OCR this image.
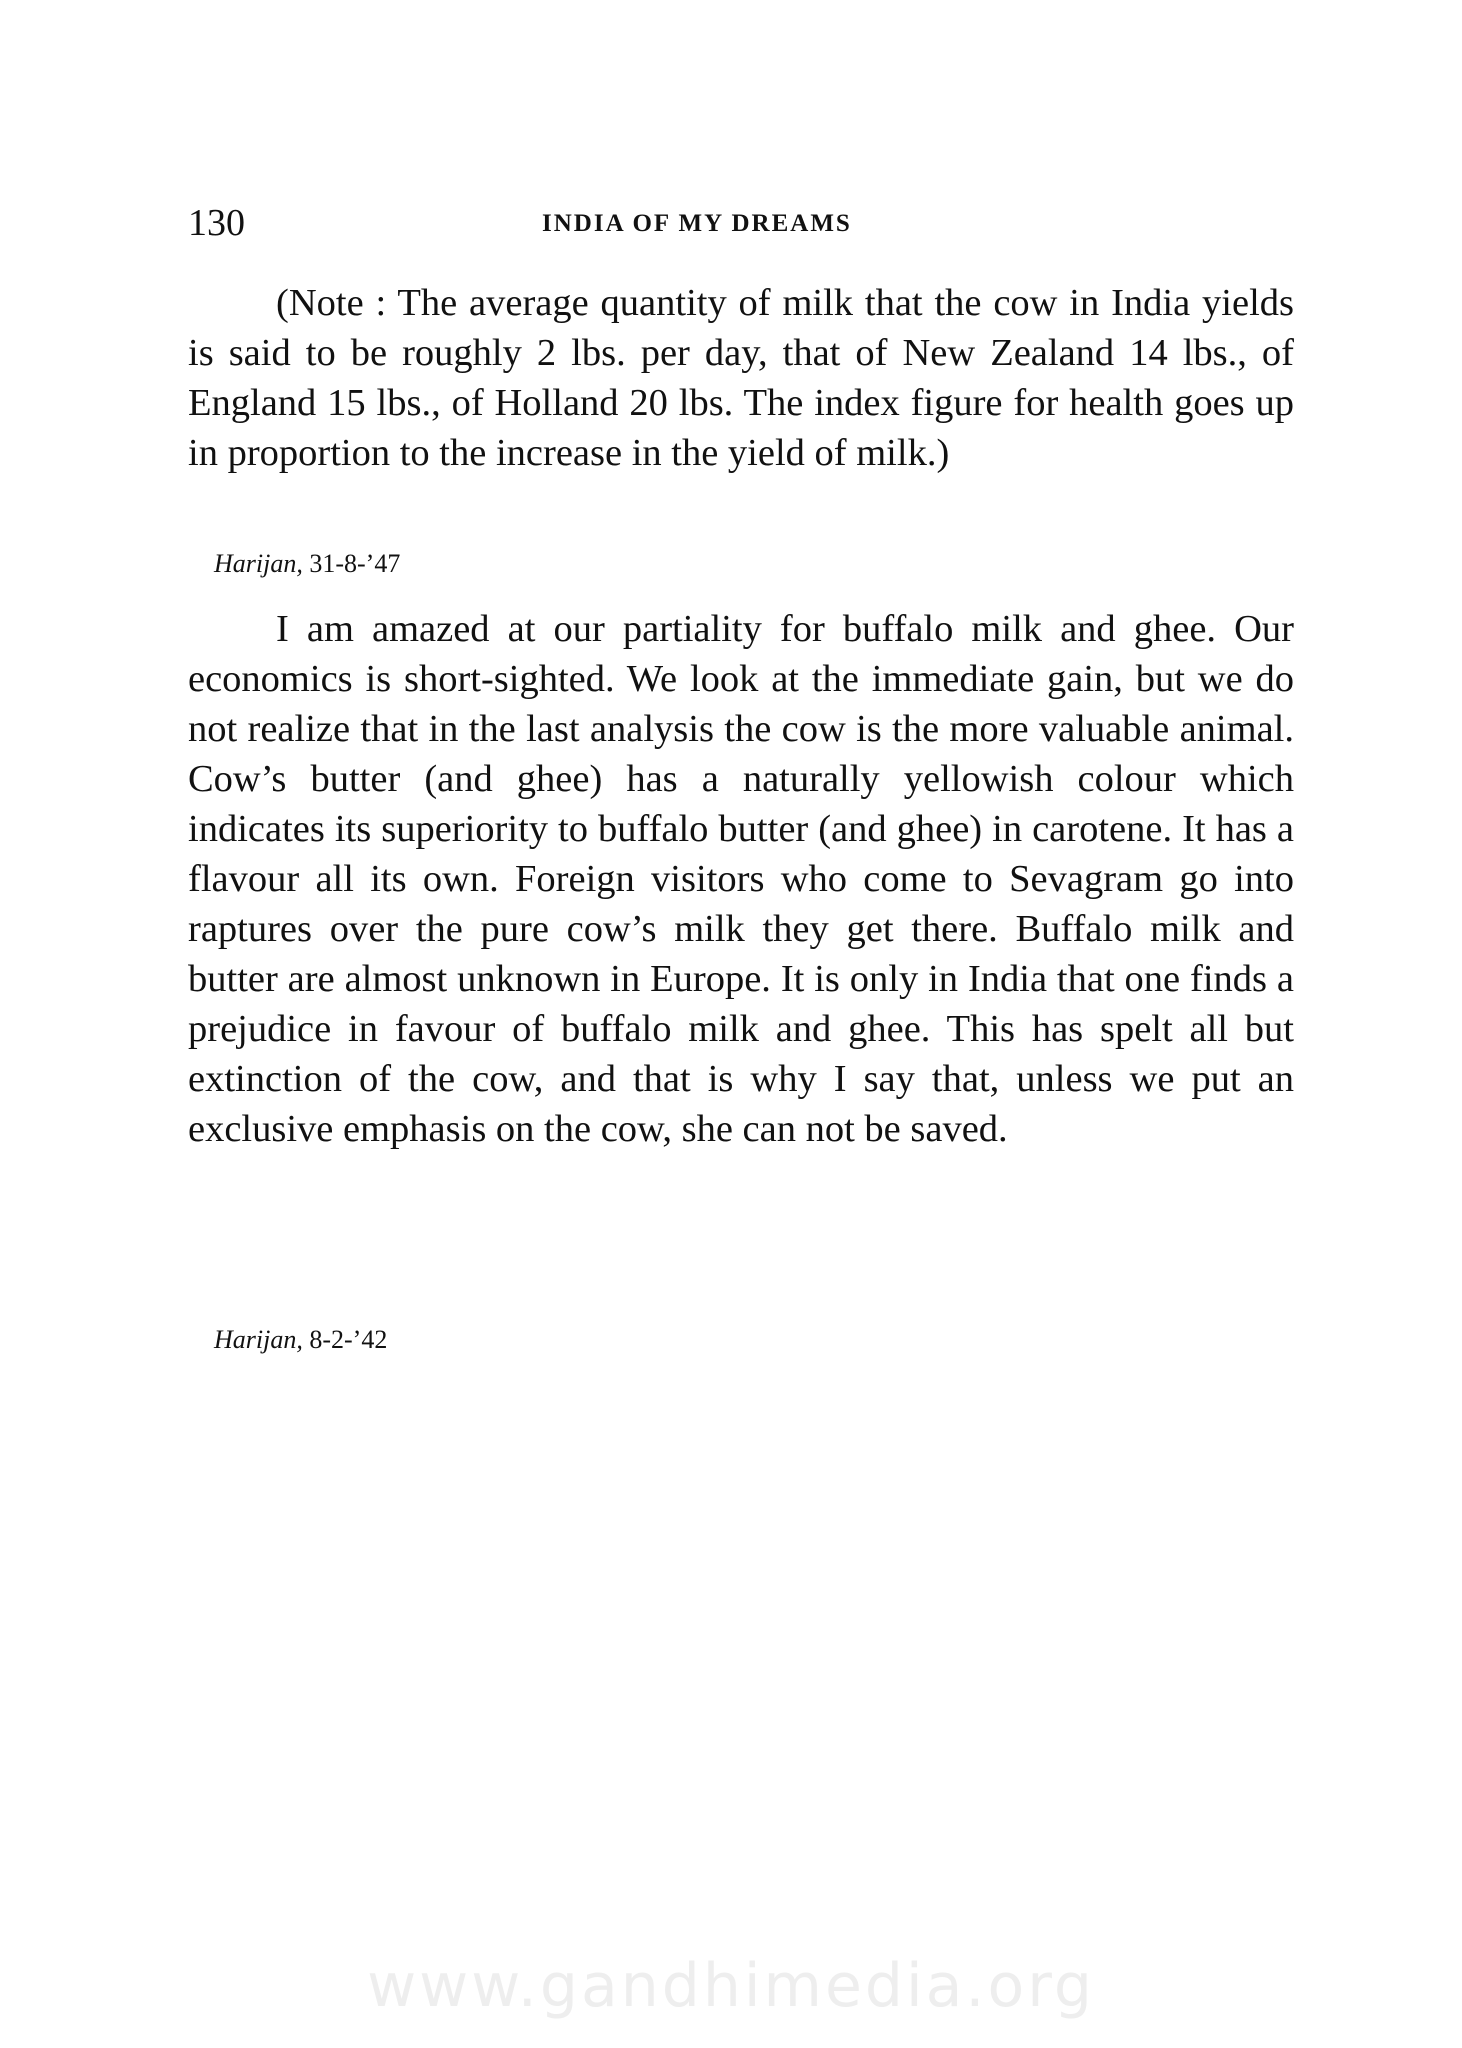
130	INDIA OF MY DREAMS
(Note : The average quantity of milk that the cow in India yields is said to be roughly 2 lbs. per day, that of New Zealand 14 lbs., of England 15 lbs., of Holland 20 lbs. The index figure for health goes up in proportion to the increase in the yield of milk.)
Harijan, 31-8-’47
I am amazed at our partiality for buffalo milk and ghee. Our economics is short-sighted. We look at the immediate gain, but we do not realize that in the last analysis the cow is the more valuable animal. Cow’s butter (and ghee) has a naturally yellowish colour which indicates its superiority to buffalo butter (and ghee) in carotene. It has a flavour all its own. Foreign visitors who come to Sevagram go into raptures over the pure cow’s milk they get there. Buffalo milk and butter are almost unknown in Europe. It is only in India that one finds a prejudice in favour of buffalo milk and ghee. This has spelt all but extinction of the cow, and that is why I say that, unless we put an exclusive emphasis on the cow, she can not be saved.
Harijan, 8-2-’42
www.gandhimedia.org
